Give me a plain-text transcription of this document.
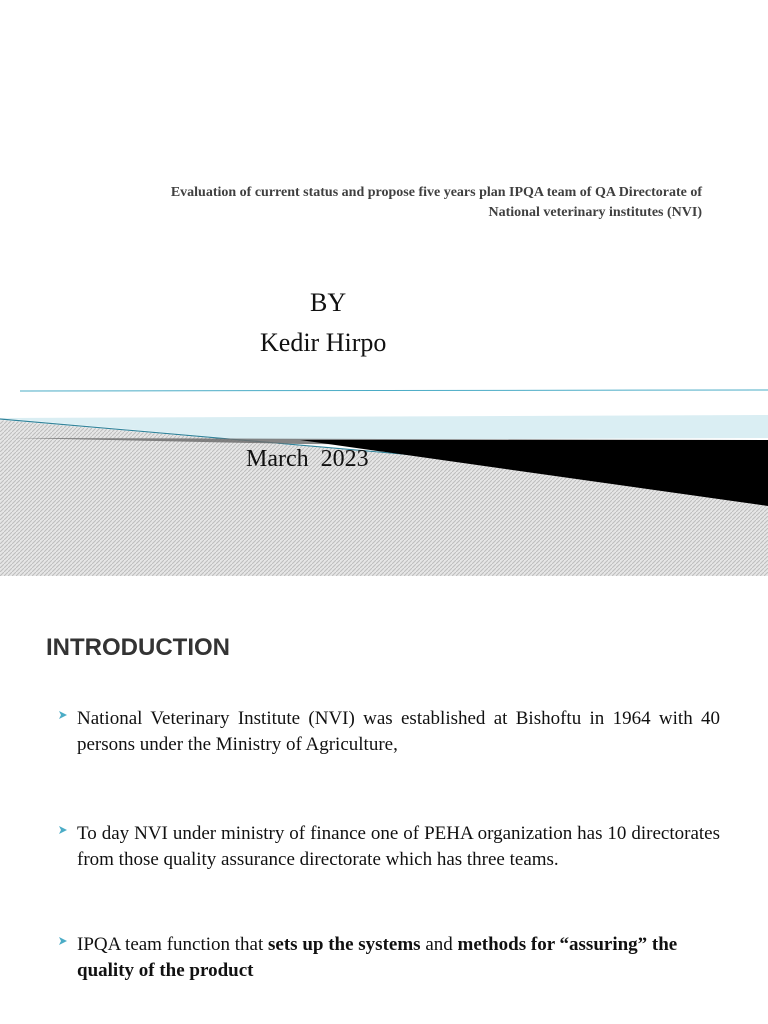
Evaluation of current status and propose five years plan IPQA team of QA Directorate of
National veterinary institutes (NVI)
BY
Kedir Hirpo
March  2023
INTRODUCTION
National Veterinary Institute (NVI) was established at Bishoftu in 1964 with 40 persons under the Ministry of Agriculture,
To day NVI under ministry of finance one of PEHA organization has 10 directorates from those quality assurance directorate which has three teams.
IPQA team function that sets up the systems and methods for “assuring” the quality of the product
